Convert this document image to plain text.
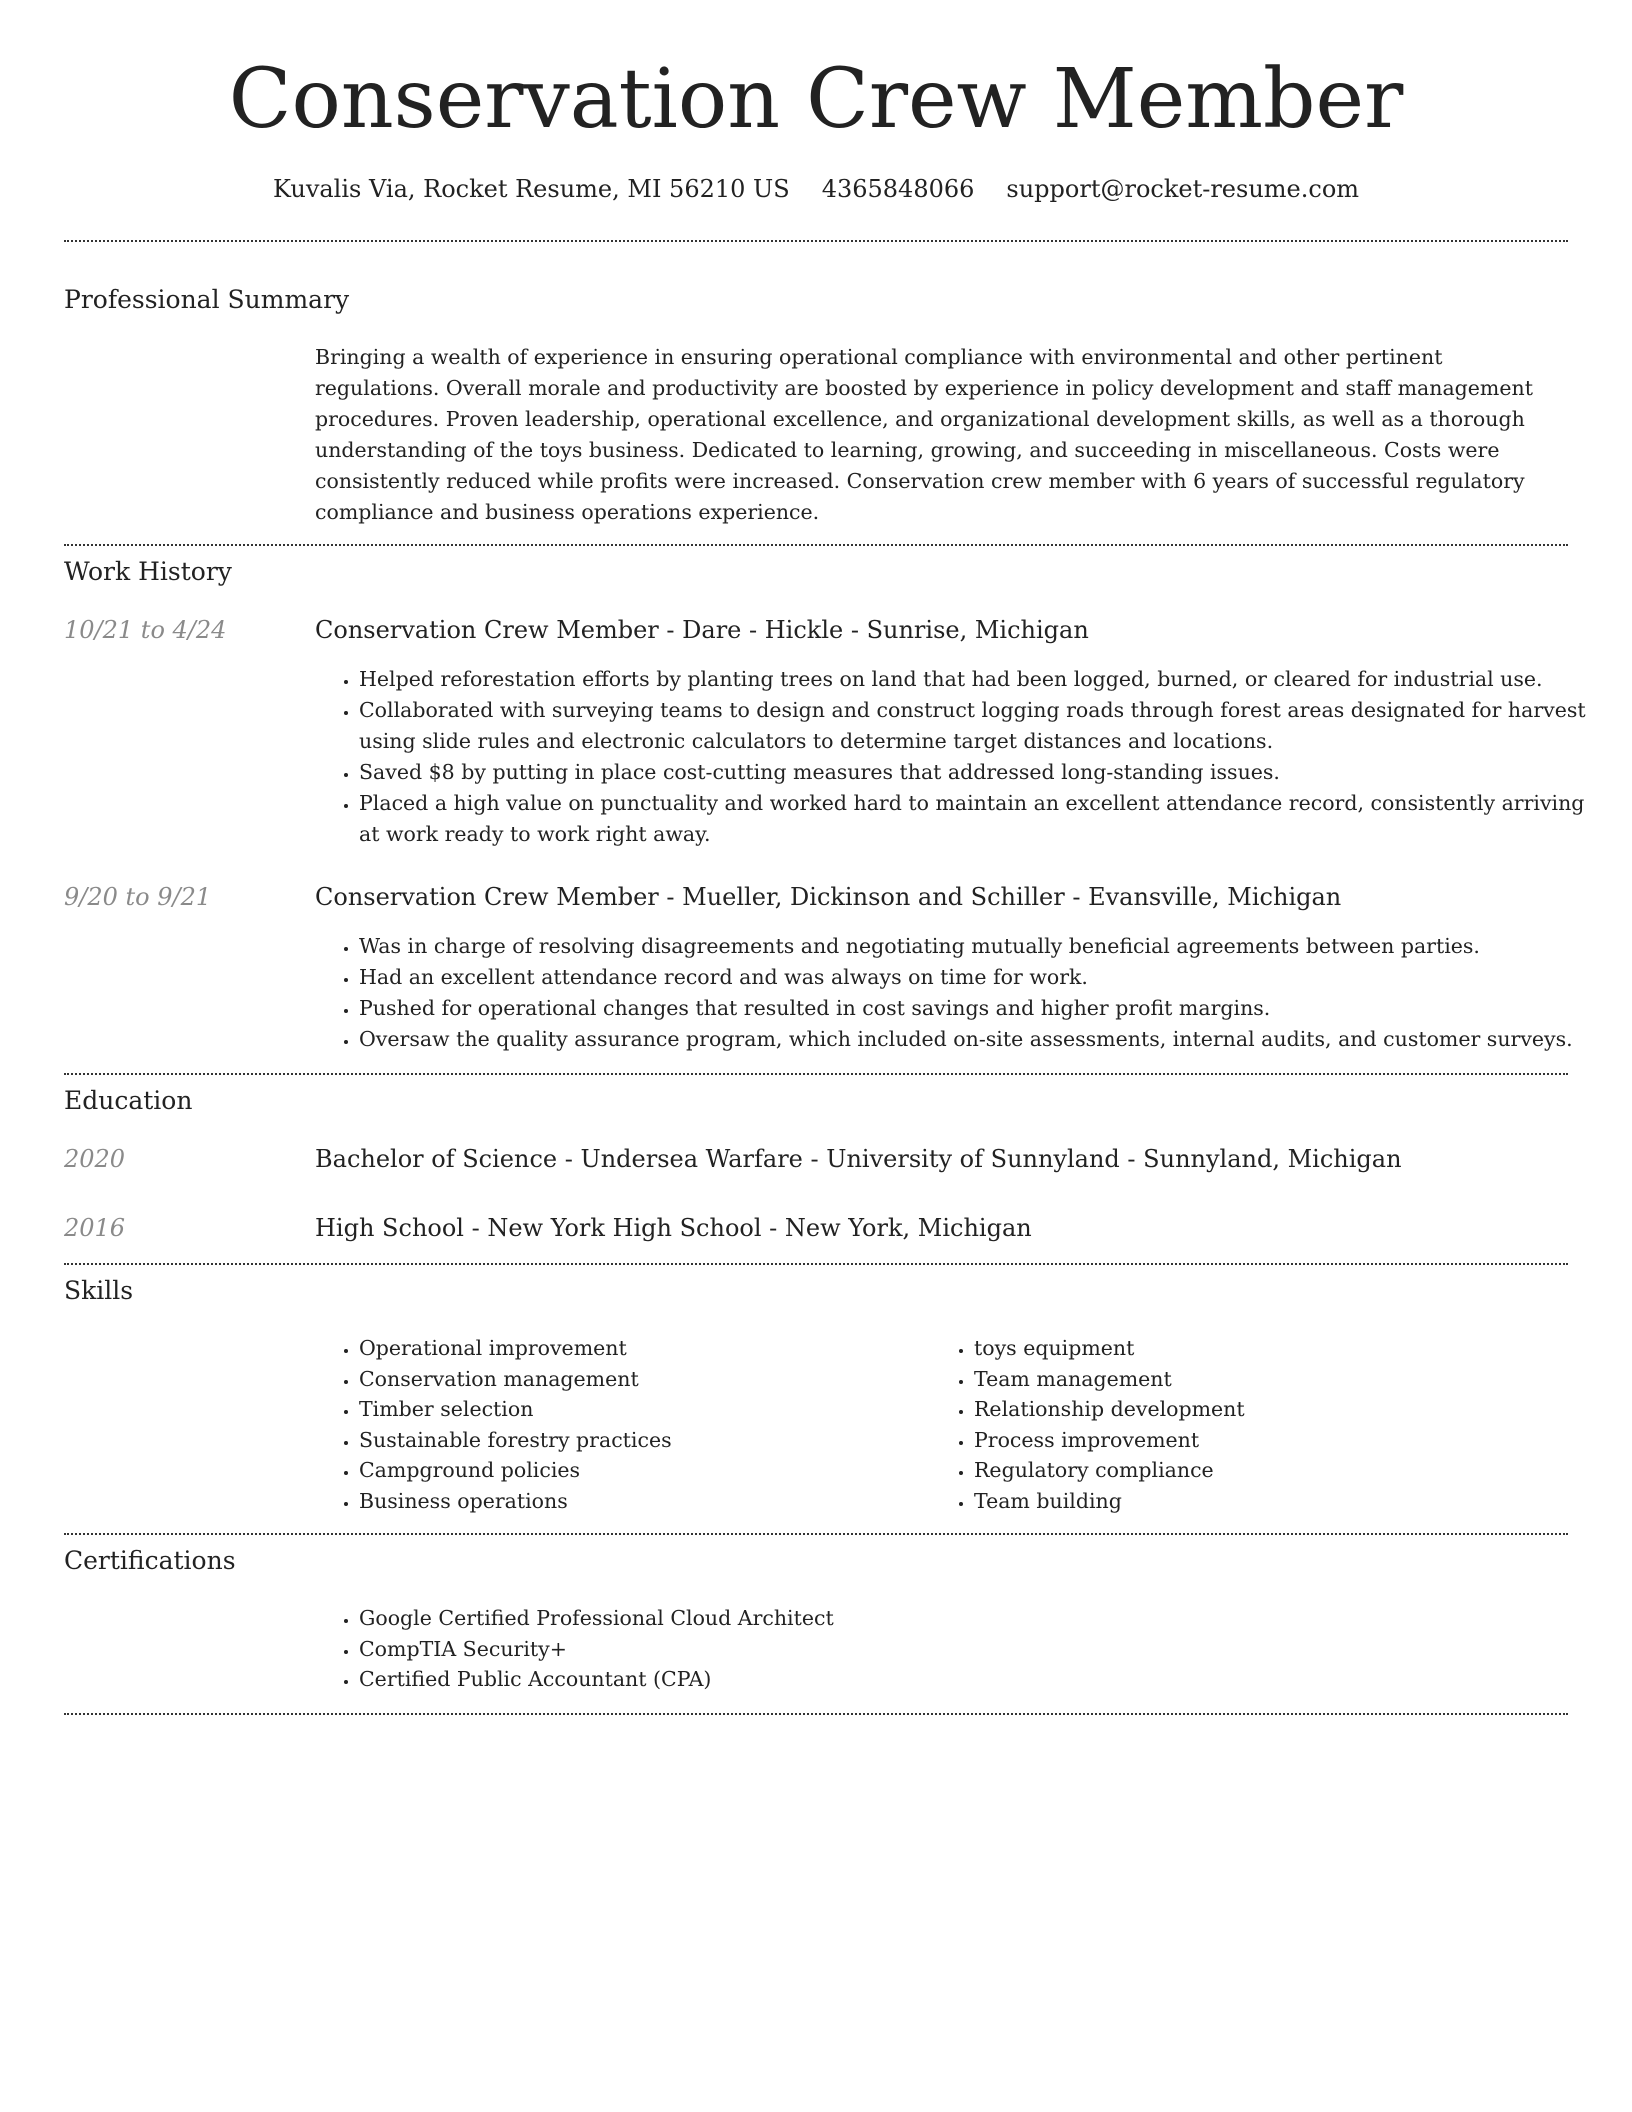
Conservation Crew Member
Kuvalis Via, Rocket Resume, MI 56210 US 4365848066 support@rocket-resume.com
Professional Summary
Bringing a wealth of experience in ensuring operational compliance with environmental and other pertinent regulations. Overall morale and productivity are boosted by experience in policy development and staff management procedures. Proven leadership, operational excellence, and organizational development skills, as well as a thorough understanding of the toys business. Dedicated to learning, growing, and succeeding in miscellaneous. Costs were consistently reduced while profits were increased. Conservation crew member with 6 years of successful regulatory compliance and business operations experience.
Work History
10/21 to 4/24	Conservation Crew Member - Dare - Hickle - Sunrise, Michigan
• Helped reforestation efforts by planting trees on land that had been logged, burned, or cleared for industrial use.
• Collaborated with surveying teams to design and construct logging roads through forest areas designated for harvest using slide rules and electronic calculators to determine target distances and locations.
• Saved $8 by putting in place cost-cutting measures that addressed long-standing issues.
• Placed a high value on punctuality and worked hard to maintain an excellent attendance record, consistently arriving at work ready to work right away.
9/20 to 9/21	Conservation Crew Member - Mueller, Dickinson and Schiller - Evansville, Michigan
• Was in charge of resolving disagreements and negotiating mutually beneficial agreements between parties.
• Had an excellent attendance record and was always on time for work.
• Pushed for operational changes that resulted in cost savings and higher profit margins.
• Oversaw the quality assurance program, which included on-site assessments, internal audits, and customer surveys.
Education
2020	Bachelor of Science - Undersea Warfare - University of Sunnyland - Sunnyland, Michigan
2016	High School - New York High School - New York, Michigan
Skills
• Operational improvement
• Conservation management
• Timber selection
• Sustainable forestry practices
• Campground policies
• Business operations
• toys equipment
• Team management
• Relationship development
• Process improvement
• Regulatory compliance
• Team building
Certifications
• Google Certified Professional Cloud Architect
• CompTIA Security+
• Certified Public Accountant (CPA)
